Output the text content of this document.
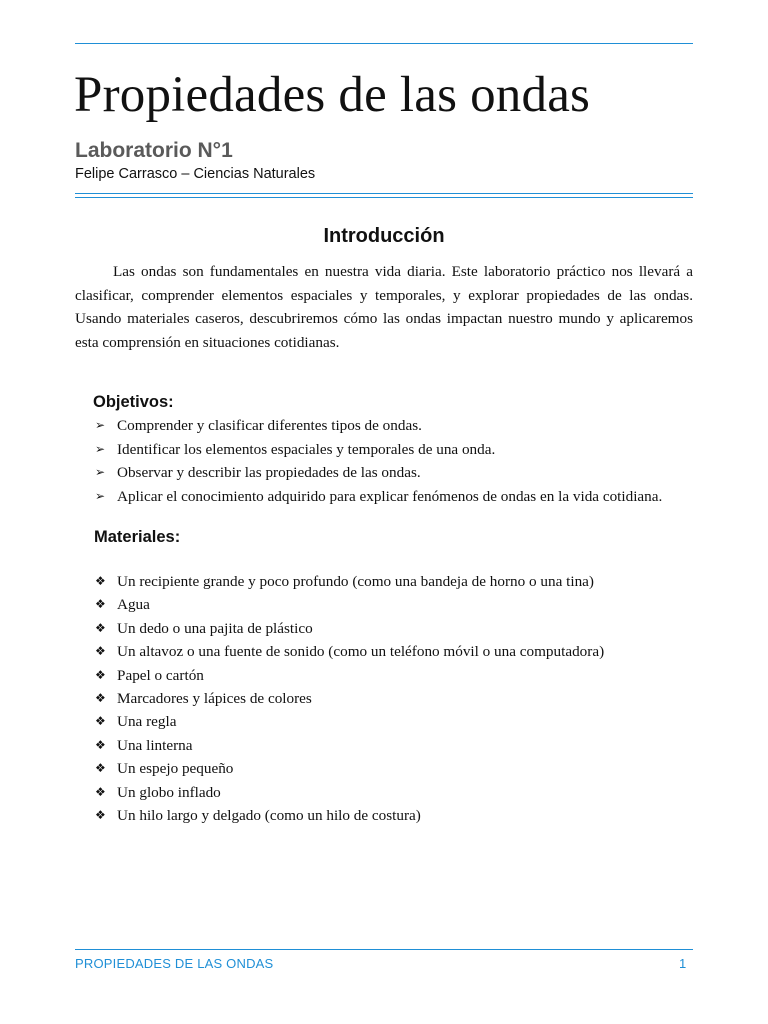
Propiedades de las ondas
Laboratorio N°1
Felipe Carrasco – Ciencias Naturales
Introducción

Las ondas son fundamentales en nuestra vida diaria. Este laboratorio práctico nos llevará a clasificar, comprender elementos espaciales y temporales, y explorar propiedades de las ondas. Usando materiales caseros, descubriremos cómo las ondas impactan nuestro mundo y aplicaremos esta comprensión en situaciones cotidianas.

Objetivos:
➢ Comprender y clasificar diferentes tipos de ondas.
➢ Identificar los elementos espaciales y temporales de una onda.
➢ Observar y describir las propiedades de las ondas.
➢ Aplicar el conocimiento adquirido para explicar fenómenos de ondas en la vida cotidiana.
Materiales:
❖ Un recipiente grande y poco profundo (como una bandeja de horno o una tina)
❖ Agua
❖ Un dedo o una pajita de plástico
❖ Un altavoz o una fuente de sonido (como un teléfono móvil o una computadora)
❖ Papel o cartón
❖ Marcadores y lápices de colores
❖ Una regla
❖ Una linterna
❖ Un espejo pequeño
❖ Un globo inflado
❖ Un hilo largo y delgado (como un hilo de costura)
PROPIEDADES DE LAS ONDAS	1
